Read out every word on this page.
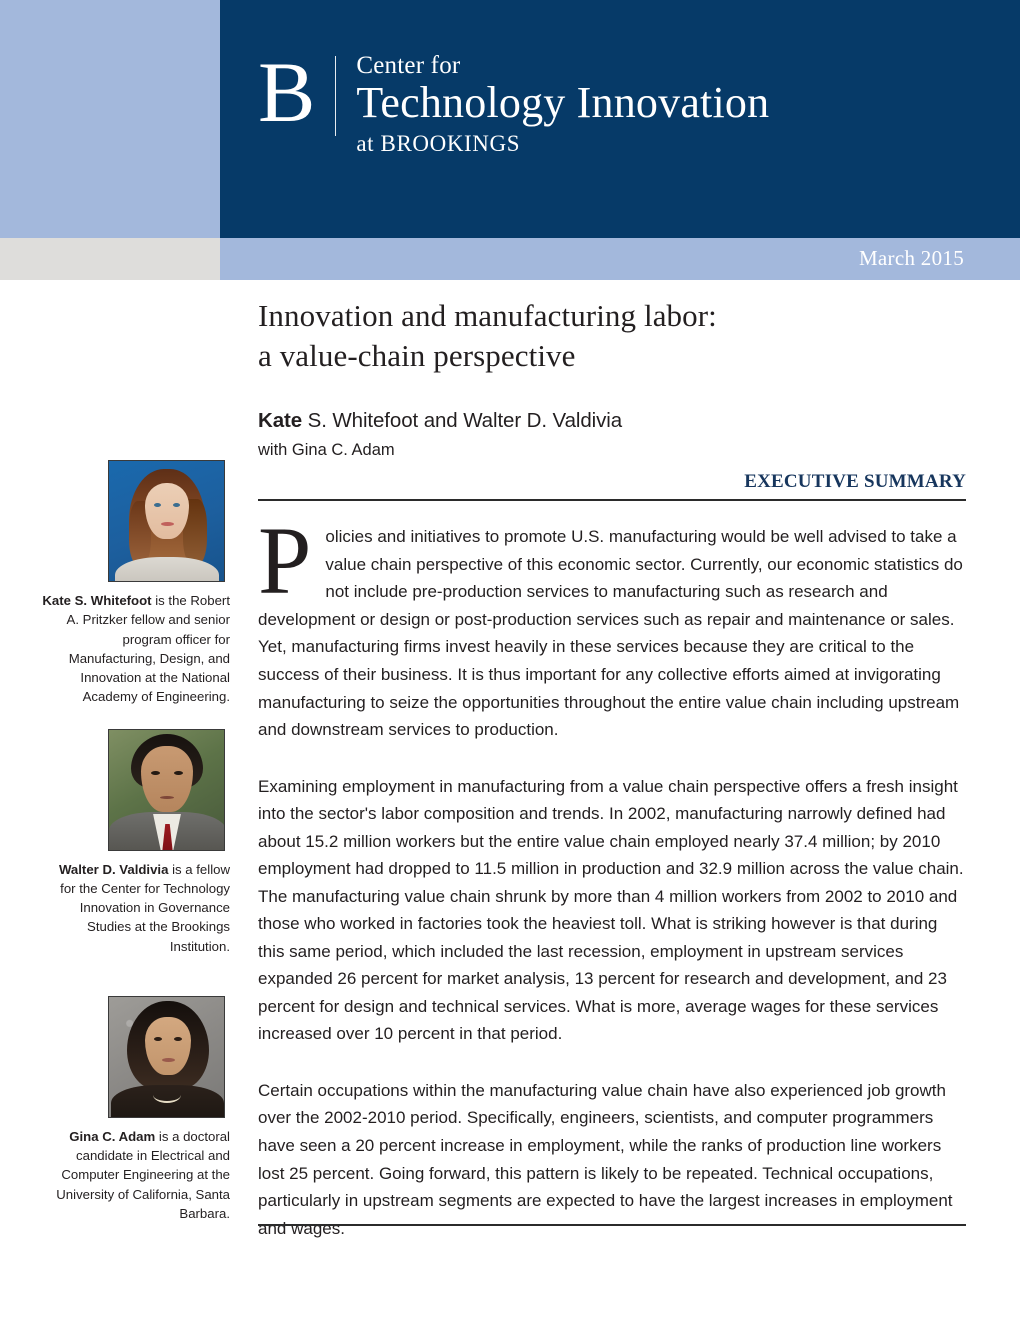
B Center for
Technology Innovation
at BROOKINGS
March 2015
Kate S. Whitefoot is the Robert A. Pritzker fellow and senior program officer for Manufacturing, Design, and Innovation at the National Academy of Engineering.
Walter D. Valdivia is a fellow for the Center for Technology Innovation in Governance Studies at the Brookings Institution.
Gina C. Adam is a doctoral candidate in Electrical and Computer Engineering at the University of California, Santa Barbara.
Innovation and manufacturing labor:
a value-chain perspective
Kate S. Whitefoot and Walter D. Valdivia
with Gina C. Adam
EXECUTIVE SUMMARY

Policies and initiatives to promote U.S. manufacturing would be well advised to take a value chain perspective of this economic sector. Currently, our economic statistics do not include pre-production services to manufacturing such as research and development or design or post-production services such as repair and maintenance or sales. Yet, manufacturing firms invest heavily in these services because they are critical to the success of their business. It is thus important for any collective efforts aimed at invigorating manufacturing to seize the opportunities throughout the entire value chain including upstream and downstream services to production.

Examining employment in manufacturing from a value chain perspective offers a fresh insight into the sector's labor composition and trends. In 2002, manufacturing narrowly defined had about 15.2 million workers but the entire value chain employed nearly 37.4 million; by 2010 employment had dropped to 11.5 million in production and 32.9 million across the value chain. The manufacturing value chain shrunk by more than 4 million workers from 2002 to 2010 and those who worked in factories took the heaviest toll. What is striking however is that during this same period, which included the last recession, employment in upstream services expanded 26 percent for market analysis, 13 percent for research and development, and 23 percent for design and technical services. What is more, average wages for these services increased over 10 percent in that period.

Certain occupations within the manufacturing value chain have also experienced job growth over the 2002-2010 period. Specifically, engineers, scientists, and computer programmers have seen a 20 percent increase in employment, while the ranks of production line workers lost 25 percent. Going forward, this pattern is likely to be repeated. Technical occupations, particularly in upstream segments are expected to have the largest increases in employment and wages.
